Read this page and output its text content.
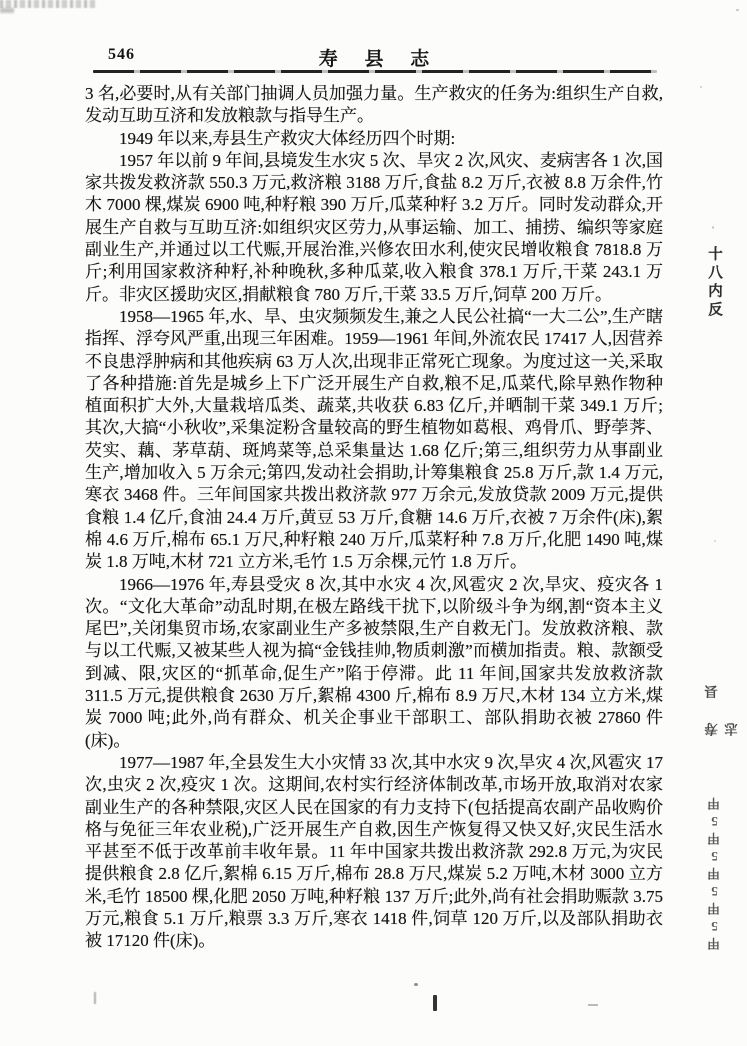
546	寿 县 志

3 名,必要时,从有关部门抽调人员加强力量。生产救灾的任务为:组织生产自救,发动互助互济和发放粮款与指导生产。

1949 年以来,寿县生产救灾大体经历四个时期:

1957 年以前 9 年间,县境发生水灾 5 次、旱灾 2 次,风灾、麦病害各 1 次,国家共拨发救济款 550.3 万元,救济粮 3188 万斤,食盐 8.2 万斤,衣被 8.8 万余件,竹木 7000 棵,煤炭 6900 吨,种籽粮 390 万斤,瓜菜种籽 3.2 万斤。同时发动群众,开展生产自救与互助互济:如组织灾区劳力,从事运输、加工、捕捞、编织等家庭副业生产,并通过以工代赈,开展治淮,兴修农田水利,使灾民增收粮食 7818.8 万斤;利用国家救济种籽,补种晚秋,多种瓜菜,收入粮食 378.1 万斤,干菜 243.1 万斤。非灾区援助灾区,捐献粮食 780 万斤,干菜 33.5 万斤,饲草 200 万斤。

1958—1965 年,水、旱、虫灾频频发生,兼之人民公社搞“一大二公”,生产瞎指挥、浮夸风严重,出现三年困难。1959—1961 年间,外流农民 17417 人,因营养不良患浮肿病和其他疾病 63 万人次,出现非正常死亡现象。为度过这一关,采取了各种措施:首先是城乡上下广泛开展生产自救,粮不足,瓜菜代,除早熟作物种植面积扩大外,大量栽培瓜类、蔬菜,共收获 6.83 亿斤,并晒制干菜 349.1 万斤;其次,大搞“小秋收”,采集淀粉含量较高的野生植物如葛根、鸡骨爪、野荸荠、芡实、藕、茅草葫、斑鸠菜等,总采集量达 1.68 亿斤;第三,组织劳力从事副业生产,增加收入 5 万余元;第四,发动社会捐助,计筹集粮食 25.8 万斤,款 1.4 万元,寒衣 3468 件。三年间国家共拨出救济款 977 万余元,发放贷款 2009 万元,提供食粮 1.4 亿斤,食油 24.4 万斤,黄豆 53 万斤,食糖 14.6 万斤,衣被 7 万余件(床),絮棉 4.6 万斤,棉布 65.1 万尺,种籽粮 240 万斤,瓜菜籽种 7.8 万斤,化肥 1490 吨,煤炭 1.8 万吨,木材 721 立方米,毛竹 1.5 万余棵,元竹 1.8 万斤。

1966—1976 年,寿县受灾 8 次,其中水灾 4 次,风雹灾 2 次,旱灾、疫灾各 1 次。“文化大革命”动乱时期,在极左路线干扰下,以阶级斗争为纲,割“资本主义尾巴”,关闭集贸市场,农家副业生产多被禁限,生产自救无门。发放救济粮、款与以工代赈,又被某些人视为搞“金钱挂帅,物质刺激”而横加指责。粮、款额受到减、限,灾区的“抓革命,促生产”陷于停滞。此 11 年间,国家共发放救济款 311.5 万元,提供粮食 2630 万斤,絮棉 4300 斤,棉布 8.9 万尺,木材 134 立方米,煤炭 7000 吨;此外,尚有群众、机关企事业干部职工、部队捐助衣被 27860 件(床)。

1977—1987 年,全县发生大小灾情 33 次,其中水灾 9 次,旱灾 4 次,风雹灾 17 次,虫灾 2 次,疫灾 1 次。这期间,农村实行经济体制改革,市场开放,取消对农家副业生产的各种禁限,灾区人民在国家的有力支持下(包括提高农副产品收购价格与免征三年农业税),广泛开展生产自救,因生产恢复得又快又好,灾民生活水平甚至不低于改革前丰收年景。11 年中国家共拨出救济款 292.8 万元,为灾民提供粮食 2.8 亿斤,絮棉 6.15 万斤,棉布 28.8 万尺,煤炭 5.2 万吨,木材 3000 立方米,毛竹 18500 棵,化肥 2050 万吨,种籽粮 137 万斤;此外,尚有社会捐助赈款 3.75 万元,粮食 5.1 万斤,粮票 3.3 万斤,寒衣 1418 件,饲草 120 万斤,以及部队捐助衣被 17120 件(床)。

十八内反
寿县志
甲5甲5甲5甲5甲
